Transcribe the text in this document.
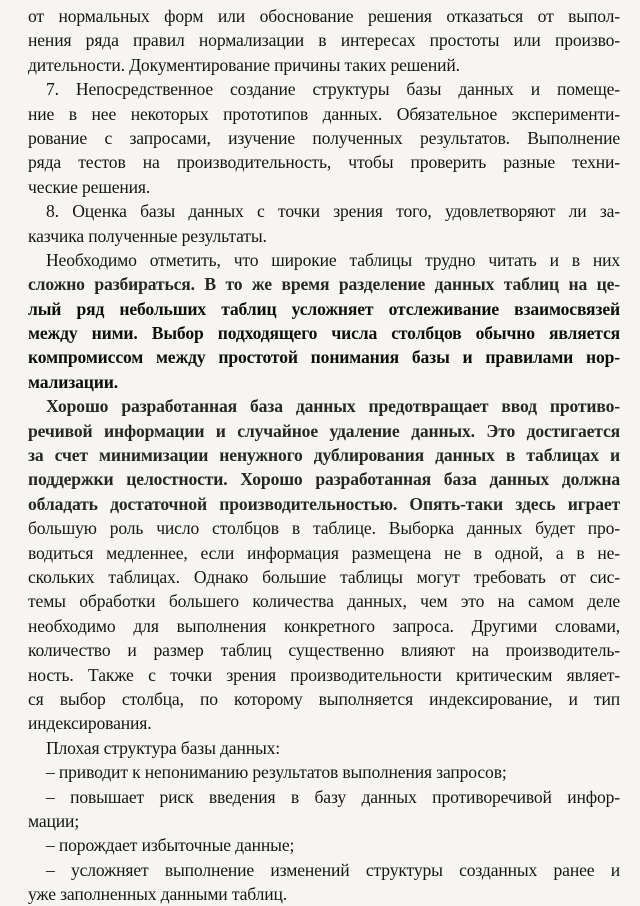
от нормальных форм или обоснование решения отказаться от выпол-
нения ряда правил нормализации в интересах простоты или произво-
дительности. Документирование причины таких решений.
7. Непосредственное создание структуры базы данных и помеще-
ние в нее некоторых прототипов данных. Обязательное эксперименти-
рование с запросами, изучение полученных результатов. Выполнение
ряда тестов на производительность, чтобы проверить разные техни-
ческие решения.
8. Оценка базы данных с точки зрения того, удовлетворяют ли за-
казчика полученные результаты.
Необходимо отметить, что широкие таблицы трудно читать и в них
сложно разбираться. В то же время разделение данных таблиц на це-
лый ряд небольших таблиц усложняет отслеживание взаимосвязей
между ними. Выбор подходящего числа столбцов обычно является
компромиссом между простотой понимания базы и правилами нор-
мализации.
Хорошо разработанная база данных предотвращает ввод противо-
речивой информации и случайное удаление данных. Это достигается
за счет минимизации ненужного дублирования данных в таблицах и
поддержки целостности. Хорошо разработанная база данных должна
обладать достаточной производительностью. Опять-таки здесь играет
большую роль число столбцов в таблице. Выборка данных будет про-
водиться медленнее, если информация размещена не в одной, а в не-
скольких таблицах. Однако большие таблицы могут требовать от сис-
темы обработки большего количества данных, чем это на самом деле
необходимо для выполнения конкретного запроса. Другими словами,
количество и размер таблиц существенно влияют на производитель-
ность. Также с точки зрения производительности критическим являет-
ся выбор столбца, по которому выполняется индексирование, и тип
индексирования.
Плохая структура базы данных:
– приводит к непониманию результатов выполнения запросов;
– повышает риск введения в базу данных противоречивой инфор-
мации;
– порождает избыточные данные;
– усложняет выполнение изменений структуры созданных ранее и
уже заполненных данными таблиц.
